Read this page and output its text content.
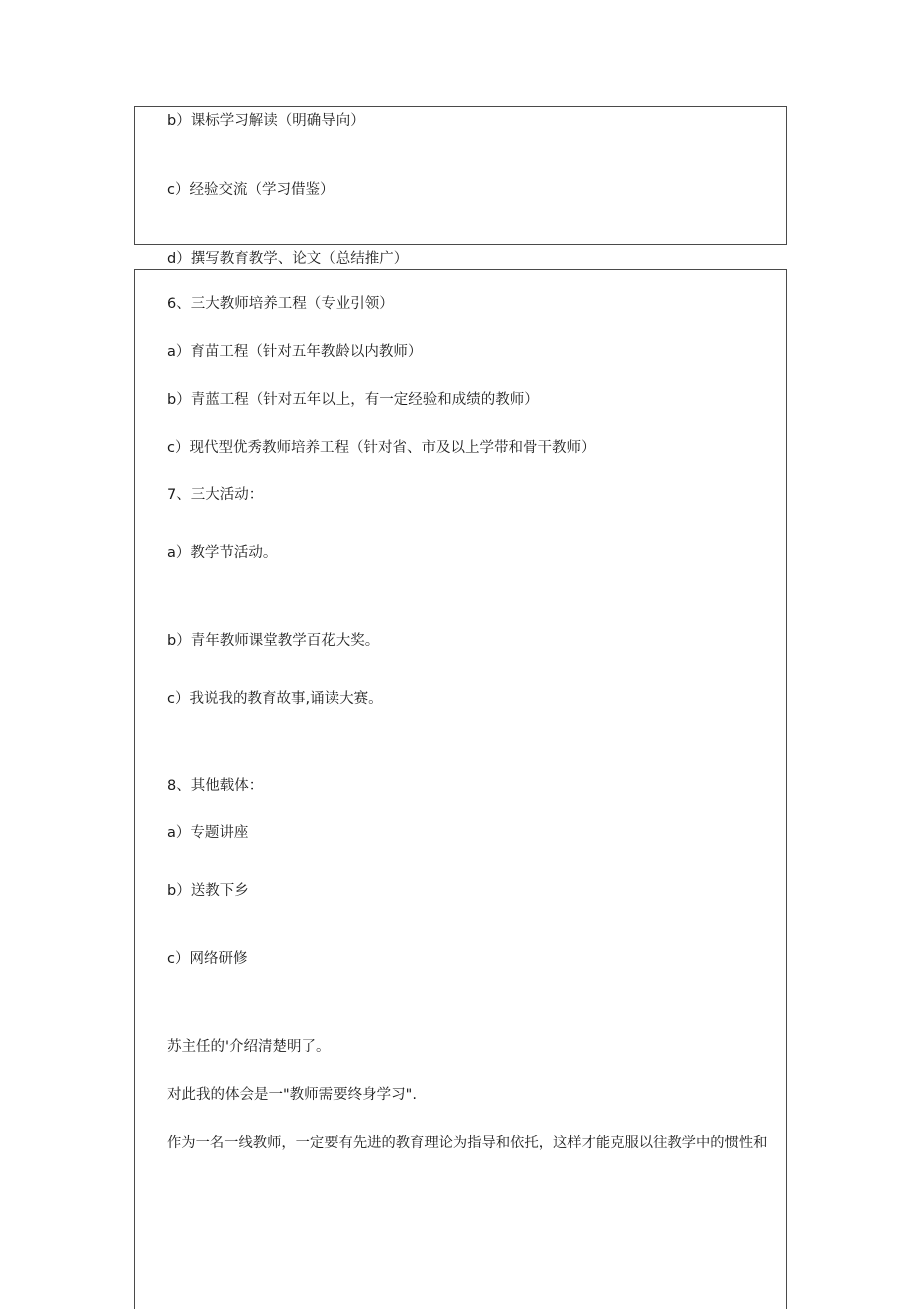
b）课标学习解读（明确导向）
c）经验交流（学习借鉴）
d）撰写教育教学、论文（总结推广）
6、三大教师培养工程（专业引领）
a）育苗工程（针对五年教龄以内教师）
b）青蓝工程（针对五年以上，有一定经验和成绩的教师）
c）现代型优秀教师培养工程（针对省、市及以上学带和骨干教师）
7、三大活动：
a）教学节活动。
b）青年教师课堂教学百花大奖。
c）我说我的教育故事,诵读大赛。
8、其他载体：
a）专题讲座
b）送教下乡
c）网络研修
苏主任的'介绍清楚明了。
对此我的体会是一"教师需要终身学习".
作为一名一线教师，一定要有先进的教育理论为指导和依托，这样才能克服以往教学中的惯性和
